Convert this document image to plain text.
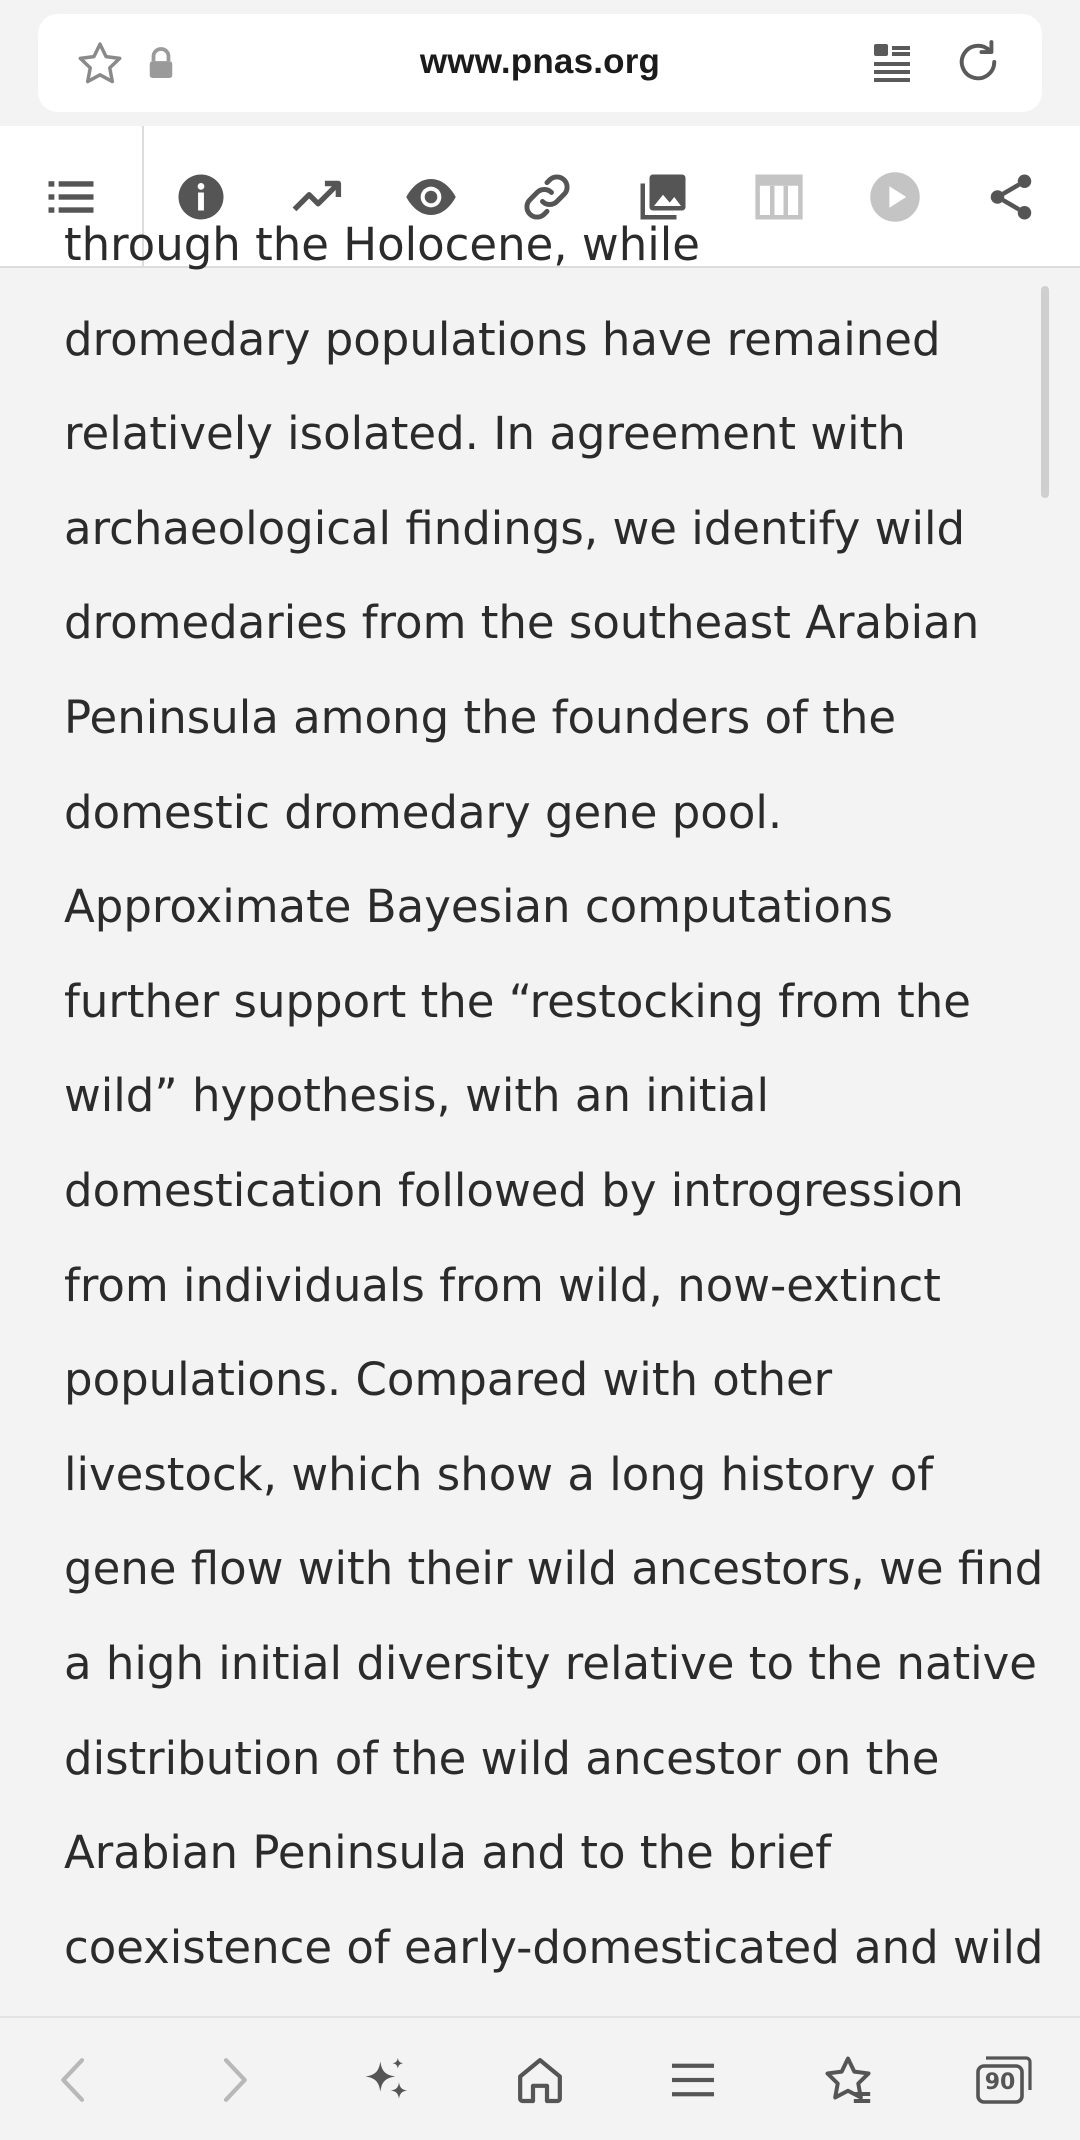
www.pnas.org
through the Holocene, while
dromedary populations have remained
relatively isolated. In agreement with
archaeological findings, we identify wild
dromedaries from the southeast Arabian
Peninsula among the founders of the
domestic dromedary gene pool.
Approximate Bayesian computations
further support the “restocking from the
wild” hypothesis, with an initial
domestication followed by introgression
from individuals from wild, now-extinct
populations. Compared with other
livestock, which show a long history of
gene flow with their wild ancestors, we find
a high initial diversity relative to the native
distribution of the wild ancestor on the
Arabian Peninsula and to the brief
coexistence of early-domesticated and wild
90
